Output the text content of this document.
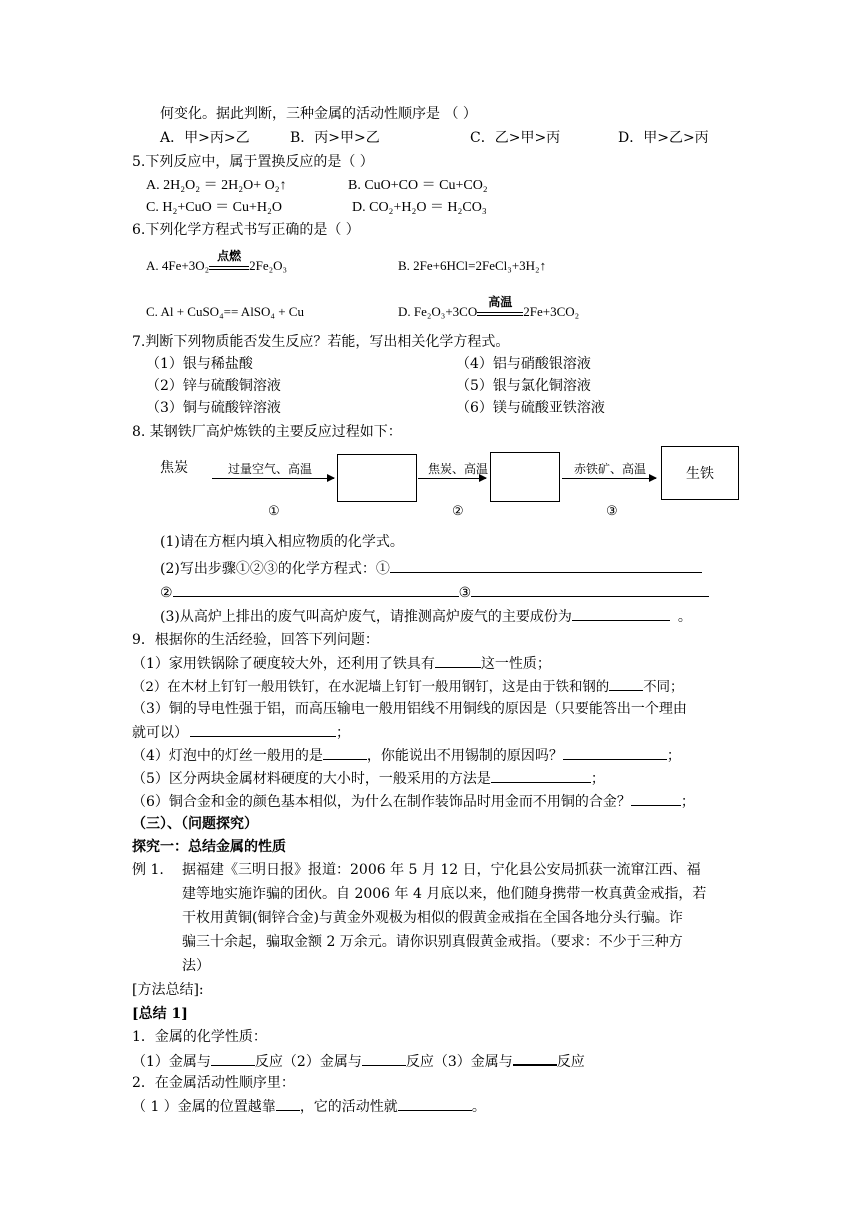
何变化。据此判断，三种金属的活动性顺序是 （ ）
A．甲>丙>乙	B．丙>甲>乙	C．乙>甲>丙	D．甲>乙>丙
5.下列反应中，属于置换反应的是（ ）
A. 2H₂O₂ ＝ 2H₂O+ O₂↑	B. CuO+CO ＝ Cu+CO₂
C. H₂+CuO ＝ Cu+H₂O	D. CO₂+H₂O ＝ H₂CO₃
6.下列化学方程式书写正确的是（ ）
A. 4Fe+3O₂
点燃
2Fe₂O₃	B. 2Fe+6HCl=2FeCl₃+3H₂↑
C. Al + CuSO₄== AlSO₄ + Cu	D. Fe₂O₃+3CO
高温
2Fe+3CO₂
7.判断下列物质能否发生反应？若能，写出相关化学方程式。
（1）银与稀盐酸	（4）铝与硝酸银溶液
（2）锌与硫酸铜溶液	（5）银与氯化铜溶液
（3）铜与硫酸锌溶液	（6）镁与硫酸亚铁溶液
8. 某钢铁厂高炉炼铁的主要反应过程如下：
焦炭	过量空气、高温	焦炭、高温	赤铁矿、高温	生铁
①	②	③
(1)请在方框内填入相应物质的化学式。
(2)写出步骤①②③的化学方程式：①
②	③
(3)从高炉上排出的废气叫高炉废气，请推测高炉废气的主要成份为	。
9．根据你的生活经验，回答下列问题：
（1）家用铁锅除了硬度较大外，还利用了铁具有	这一性质；
（2）在木材上钉钉一般用铁钉，在水泥墙上钉钉一般用钢钉，这是由于铁和钢的	不同；
（3）铜的导电性强于铝，而高压输电一般用铝线不用铜线的原因是（只要能答出一个理由
就可以）	；
（4）灯泡中的灯丝一般用的是	，你能说出不用锡制的原因吗？	；
（5）区分两块金属材料硬度的大小时，一般采用的方法是	；
（6）铜合金和金的颜色基本相似，为什么在制作装饰品时用金而不用铜的合金？	；
（三）、（问题探究）
探究一：总结金属的性质
例 1. 据福建《三明日报》报道：2006 年 5 月 12 日，宁化县公安局抓获一流窜江西、福
建等地实施诈骗的团伙。自 2006 年 4 月底以来，他们随身携带一枚真黄金戒指，若
干枚用黄铜(铜锌合金)与黄金外观极为相似的假黄金戒指在全国各地分头行骗。诈
骗三十余起，骗取金额 2 万余元。请你识别真假黄金戒指。（要求：不少于三种方
法）
[方法总结]:
[总结 1]
1．金属的化学性质：
（1）金属与	反应（2）金属与	反应（3）金属与	反应
2．在金属活动性顺序里：
（ 1 ）金属的位置越靠 ，它的活动性就	。
